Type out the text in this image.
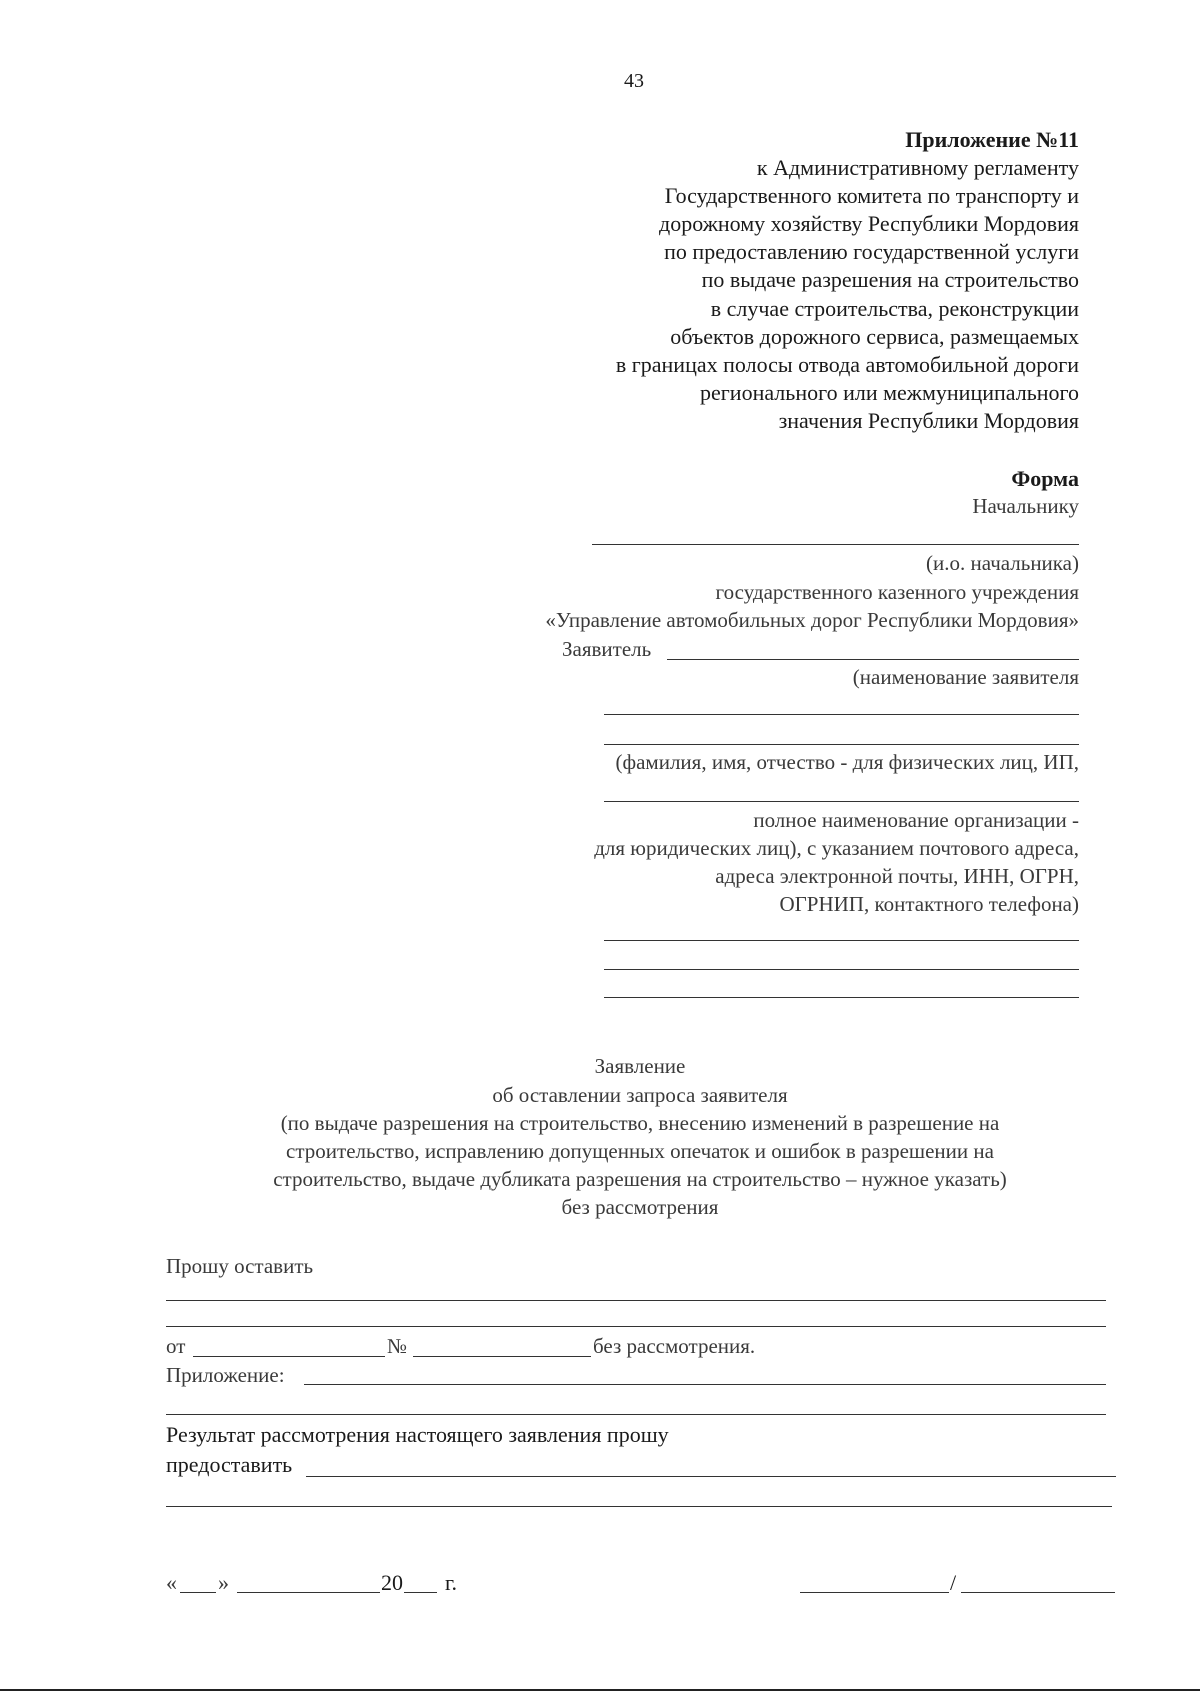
43
Приложение №11
к Административному регламенту
Государственного комитета по транспорту и
дорожному хозяйству Республики Мордовия
по предоставлению государственной услуги
по выдаче разрешения на строительство
в случае строительства, реконструкции
объектов дорожного сервиса, размещаемых
в границах полосы отвода автомобильной дороги
регионального или межмуниципального
значения Республики Мордовия
Форма
Начальнику
(и.о. начальника)
государственного казенного учреждения
«Управление автомобильных дорог Республики Мордовия»
Заявитель
(наименование заявителя
(фамилия, имя, отчество - для физических лиц, ИП,
полное наименование организации -
для юридических лиц), с указанием почтового адреса,
адреса электронной почты, ИНН, ОГРН,
ОГРНИП, контактного телефона)
Заявление
об оставлении запроса заявителя
(по выдаче разрешения на строительство, внесению изменений в разрешение на
строительство, исправлению допущенных опечаток и ошибок в разрешении на
строительство, выдаче дубликата разрешения на строительство – нужное указать)
без рассмотрения
Прошу оставить
от	№	без рассмотрения.
Приложение:
Результат рассмотрения настоящего заявления прошу
предоставить
« »	20 г.	/
